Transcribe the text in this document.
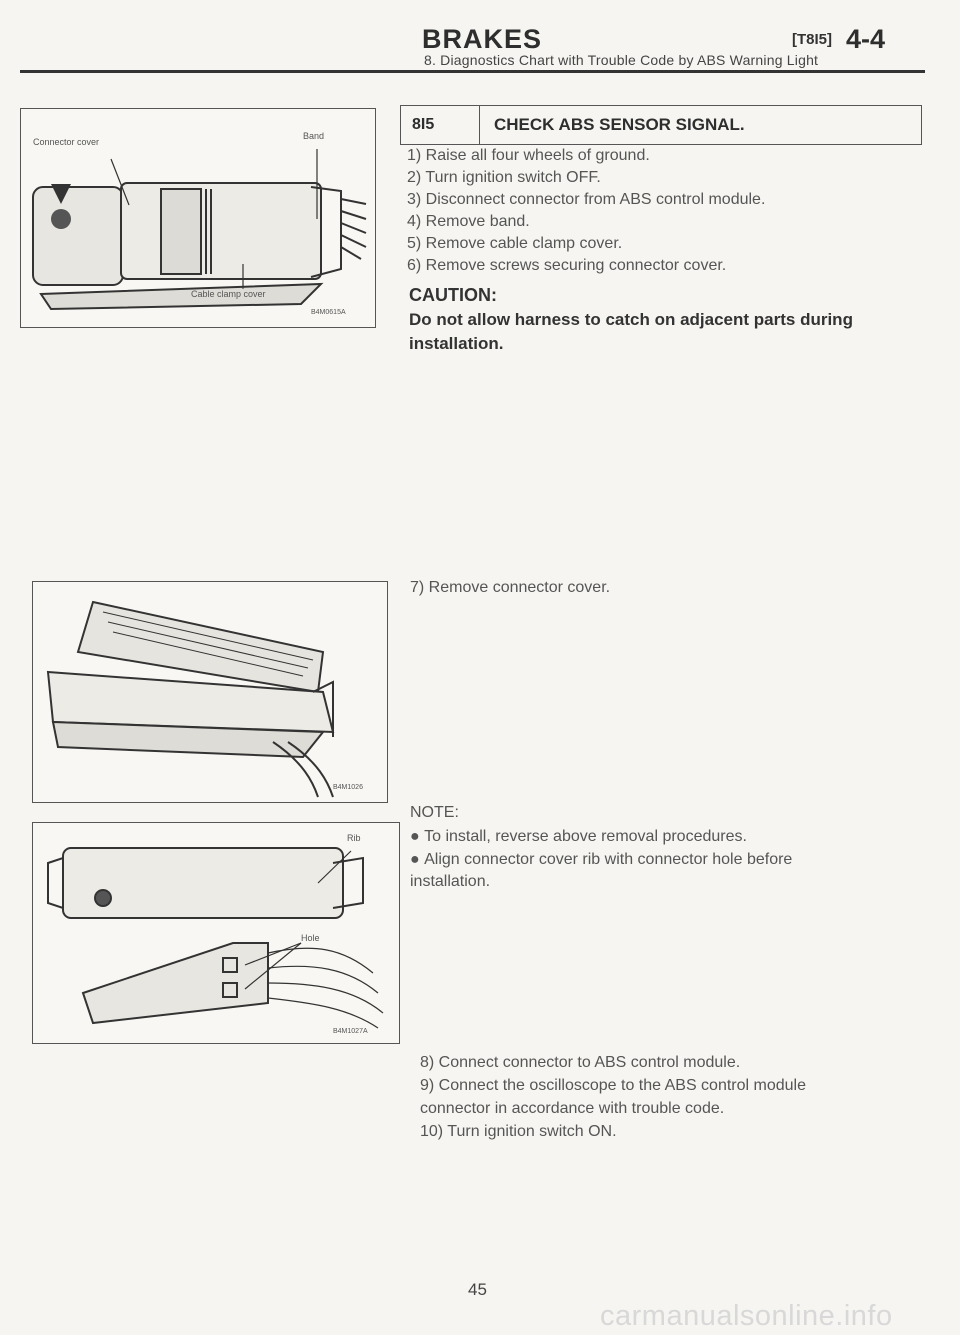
BRAKES	[T8I5] 4-4
8. Diagnostics Chart with Trouble Code by ABS Warning Light
Connector cover
Band
Cable clamp cover
B4M0615A
B4M1026
Rib
Hole
B4M1027A
8I5	CHECK ABS SENSOR SIGNAL.
1) Raise all four wheels of ground.
2) Turn ignition switch OFF.
3) Disconnect connector from ABS control module.
4) Remove band.
5) Remove cable clamp cover.
6) Remove screws securing connector cover.
CAUTION:
Do not allow harness to catch on adjacent parts during installation.
7) Remove connector cover.
NOTE:
● To install, reverse above removal procedures.
● Align connector cover rib with connector hole before
installation.
8) Connect connector to ABS control module.
9) Connect the oscilloscope to the ABS control module
connector in accordance with trouble code.
10) Turn ignition switch ON.
45
carmanualsonline.info
